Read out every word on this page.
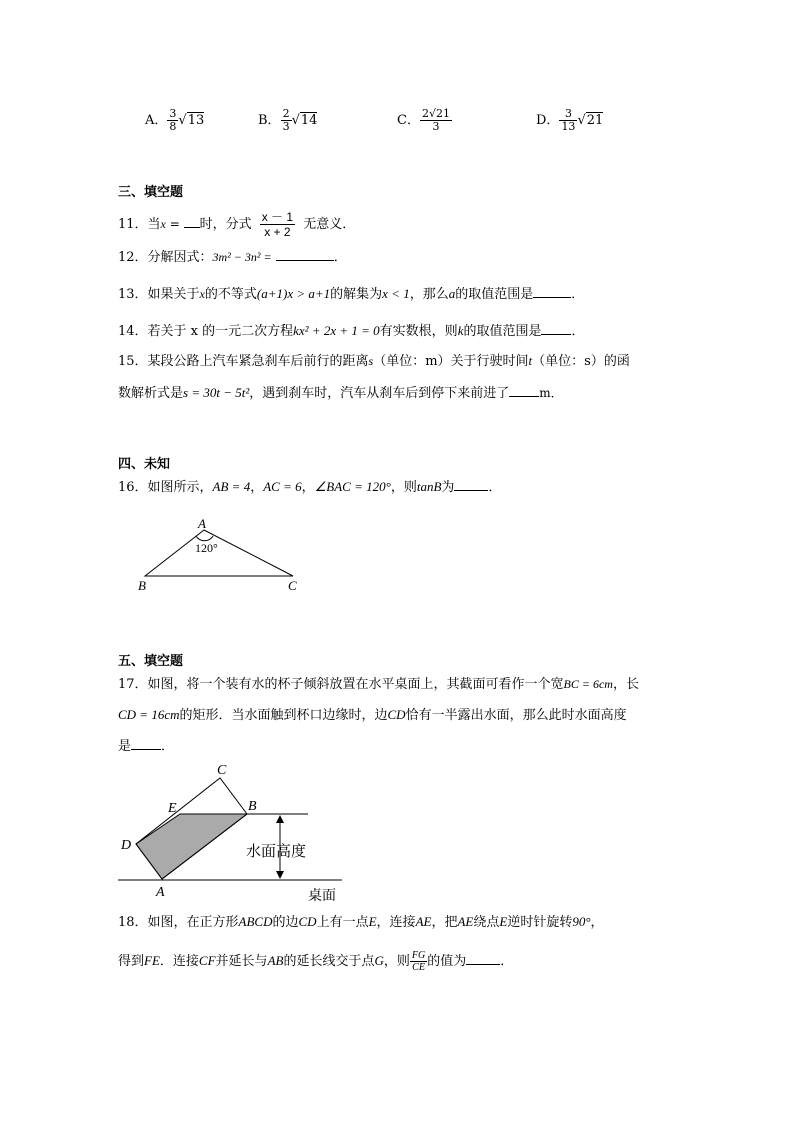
A． $\frac{3}{8} √13$	B． $\frac{2}{3} √14$	C． $\frac{2√21}{3}$	D． $\frac{3}{13} √21$
三、填空题
11．当x = 时，分式 $\frac{x - 1}{x + 2}$ 无意义．
12．分解因式：3m² − 3n² =	．
13．如果关于x的不等式(a+1)x > a+1的解集为x < 1，那么a的取值范围是	．
14．若关于 x 的一元二次方程kx² + 2x + 1 = 0有实数根，则k的取值范围是 ．
15．某段公路上汽车紧急刹车后前行的距离s（单位：m）关于行驶时间t（单位：s）的函
数解析式是s = 30t − 5t²，遇到刹车时，汽车从刹车后到停下来前进了	m．
四、未知
16．如图所示，AB = 4，AC = 6，∠BAC = 120°，则tanB为	．
A
B	C
120°
五、填空题
17．如图，将一个装有水的杯子倾斜放置在水平桌面上，其截面可看作一个宽BC = 6cm，长
CD = 16cm的矩形．当水面触到杯口边缘时，边CD恰有一半露出水面，那么此时水面高度
是 ．
C
E	B
D
A
水面高度
桌面
18．如图，在正方形ABCD的边CD上有一点E，连接AE，把AE绕点E逆时针旋转90°，
得到FE．连接CF并延长与AB的延长线交于点G，则 $\frac{FG}{CE}$ 的值为	．
